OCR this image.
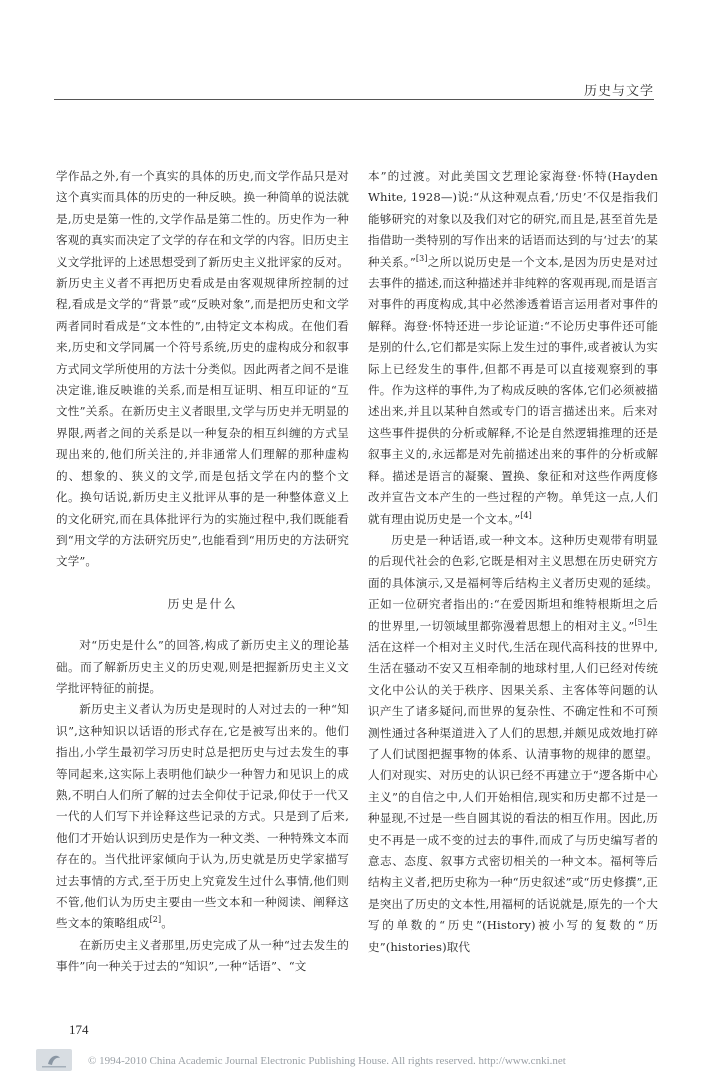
历史与文学

学作品之外,有一个真实的具体的历史,而文学作品只是对这个真实而具体的历史的一种反映。换一种简单的说法就是,历史是第一性的,文学作品是第二性的。历史作为一种客观的真实而决定了文学的存在和文学的内容。旧历史主义文学批评的上述思想受到了新历史主义批评家的反对。新历史主义者不再把历史看成是由客观规律所控制的过程,看成是文学的“背景”或“反映对象”,而是把历史和文学两者同时看成是“文本性的”,由特定文本构成。在他们看来,历史和文学同属一个符号系统,历史的虚构成分和叙事方式同文学所使用的方法十分类似。因此两者之间不是谁决定谁,谁反映谁的关系,而是相互证明、相互印证的“互文性”关系。在新历史主义者眼里,文学与历史并无明显的界限,两者之间的关系是以一种复杂的相互纠缠的方式呈现出来的,他们所关注的,并非通常人们理解的那种虚构的、想象的、狭义的文学,而是包括文学在内的整个文化。换句话说,新历史主义批评从事的是一种整体意义上的文化研究,而在具体批评行为的实施过程中,我们既能看到“用文学的方法研究历史”,也能看到“用历史的方法研究文学”。

历史是什么

对“历史是什么”的回答,构成了新历史主义的理论基础。而了解新历史主义的历史观,则是把握新历史主义文学批评特征的前提。

新历史主义者认为历史是现时的人对过去的一种“知识”,这种知识以话语的形式存在,它是被写出来的。他们指出,小学生最初学习历史时总是把历史与过去发生的事等同起来,这实际上表明他们缺少一种智力和见识上的成熟,不明白人们所了解的过去全仰仗于记录,仰仗于一代又一代的人们写下并诠释这些记录的方式。只是到了后来,他们才开始认识到历史是作为一种文类、一种特殊文本而存在的。当代批评家倾向于认为,历史就是历史学家描写过去事情的方式,至于历史上究竟发生过什么事情,他们则不管,他们认为历史主要由一些文本和一种阅读、阐释这些文本的策略组成[2]。

在新历史主义者那里,历史完成了从一种“过去发生的事件”向一种关于过去的“知识”,一种“话语”、“文

本”的过渡。对此美国文艺理论家海登·怀特(Hayden White, 1928—)说:“从这种观点看,‘历史’不仅是指我们能够研究的对象以及我们对它的研究,而且是,甚至首先是指借助一类特别的写作出来的话语而达到的与‘过去’的某种关系。”[3]之所以说历史是一个文本,是因为历史是对过去事件的描述,而这种描述并非纯粹的客观再现,而是语言对事件的再度构成,其中必然渗透着语言运用者对事件的解释。海登·怀特还进一步论证道:“不论历史事件还可能是别的什么,它们都是实际上发生过的事件,或者被认为实际上已经发生的事件,但都不再是可以直接观察到的事件。作为这样的事件,为了构成反映的客体,它们必须被描述出来,并且以某种自然或专门的语言描述出来。后来对这些事件提供的分析或解释,不论是自然逻辑推理的还是叙事主义的,永远都是对先前描述出来的事件的分析或解释。描述是语言的凝聚、置换、象征和对这些作两度修改并宣告文本产生的一些过程的产物。单凭这一点,人们就有理由说历史是一个文本。”[4]

历史是一种话语,或一种文本。这种历史观带有明显的后现代社会的色彩,它既是相对主义思想在历史研究方面的具体演示,又是福柯等后结构主义者历史观的延续。正如一位研究者指出的:“在爱因斯坦和维特根斯坦之后的世界里,一切领域里都弥漫着思想上的相对主义。”[5]生活在这样一个相对主义时代,生活在现代高科技的世界中,生活在骚动不安又互相牵制的地球村里,人们已经对传统文化中公认的关于秩序、因果关系、主客体等问题的认识产生了诸多疑问,而世界的复杂性、不确定性和不可预测性通过各种渠道进入了人们的思想,并颇见成效地打碎了人们试图把握事物的体系、认清事物的规律的愿望。人们对现实、对历史的认识已经不再建立于“逻各斯中心主义”的自信之中,人们开始相信,现实和历史都不过是一种显现,不过是一些自圆其说的看法的相互作用。因此,历史不再是一成不变的过去的事件,而成了与历史编写者的意志、态度、叙事方式密切相关的一种文本。福柯等后结构主义者,把历史称为一种“历史叙述”或“历史修撰”,正是突出了历史的文本性,用福柯的话说就是,原先的一个大写的单数的“历史”(History)被小写的复数的“历史”(histories)取代

174
© 1994-2010 China Academic Journal Electronic Publishing House. All rights reserved. http://www.cnki.net
